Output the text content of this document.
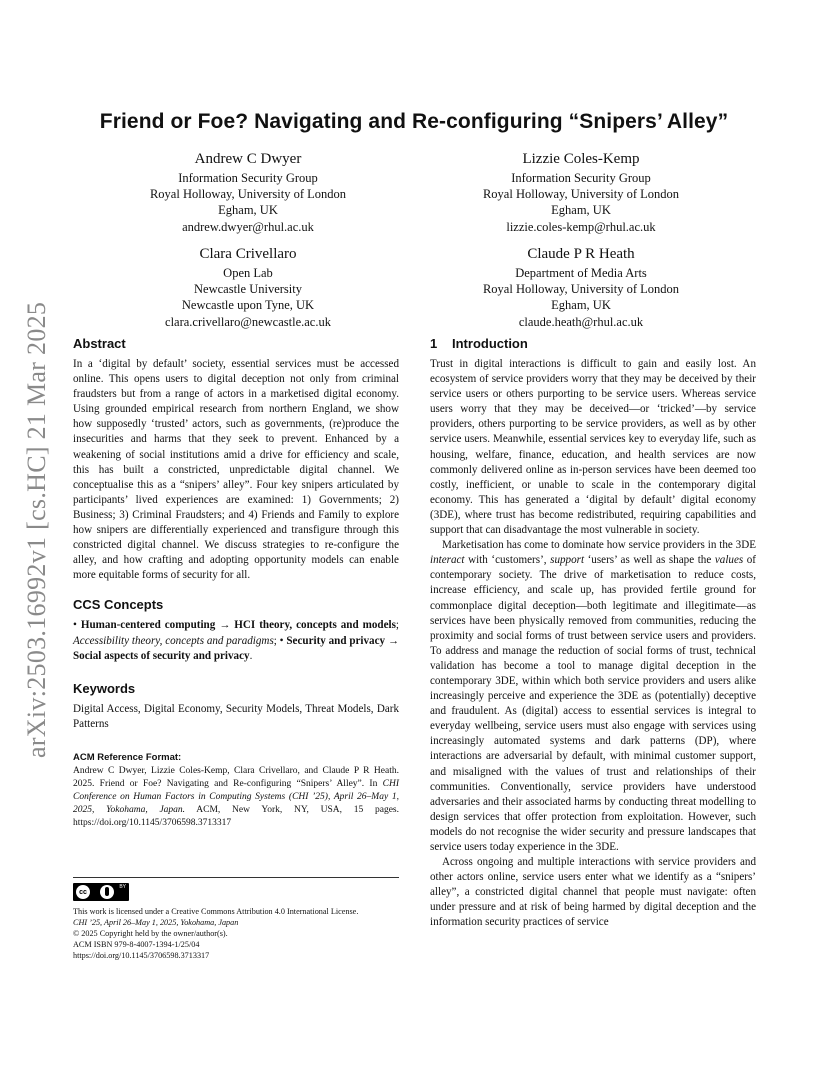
arXiv:2503.16992v1 [cs.HC] 21 Mar 2025
Friend or Foe? Navigating and Re-configuring “Snipers’ Alley”
Andrew C Dwyer
Information Security Group
Royal Holloway, University of London
Egham, UK
andrew.dwyer@rhul.ac.uk
Lizzie Coles-Kemp
Information Security Group
Royal Holloway, University of London
Egham, UK
lizzie.coles-kemp@rhul.ac.uk
Clara Crivellaro
Open Lab
Newcastle University
Newcastle upon Tyne, UK
clara.crivellaro@newcastle.ac.uk
Claude P R Heath
Department of Media Arts
Royal Holloway, University of London
Egham, UK
claude.heath@rhul.ac.uk
Abstract

In a ‘digital by default’ society, essential services must be accessed online. This opens users to digital deception not only from criminal fraudsters but from a range of actors in a marketised digital economy. Using grounded empirical research from northern England, we show how supposedly ‘trusted’ actors, such as governments, (re)produce the insecurities and harms that they seek to prevent. Enhanced by a weakening of social institutions amid a drive for efficiency and scale, this has built a constricted, unpredictable digital channel. We conceptualise this as a “snipers’ alley”. Four key snipers articulated by participants’ lived experiences are examined: 1) Governments; 2) Business; 3) Criminal Fraudsters; and 4) Friends and Family to explore how snipers are differentially experienced and transfigure through this constricted digital channel. We discuss strategies to re-configure the alley, and how crafting and adopting opportunity models can enable more equitable forms of security for all.

CCS Concepts

• Human-centered computing → HCI theory, concepts and models; Accessibility theory, concepts and paradigms; • Security and privacy → Social aspects of security and privacy.

Keywords

Digital Access, Digital Economy, Security Models, Threat Models, Dark Patterns

ACM Reference Format:
Andrew C Dwyer, Lizzie Coles-Kemp, Clara Crivellaro, and Claude P R Heath. 2025. Friend or Foe? Navigating and Re-configuring “Snipers’ Alley”. In CHI Conference on Human Factors in Computing Systems (CHI ’25), April 26–May 1, 2025, Yokohama, Japan. ACM, New York, NY, USA, 15 pages. https://doi.org/10.1145/3706598.3713317
cc
BY
This work is licensed under a Creative Commons Attribution 4.0 International License.
CHI ’25, April 26–May 1, 2025, Yokohama, Japan
© 2025 Copyright held by the owner/author(s).
ACM ISBN 979-8-4007-1394-1/25/04
https://doi.org/10.1145/3706598.3713317
1 Introduction

Trust in digital interactions is difficult to gain and easily lost. An ecosystem of service providers worry that they may be deceived by their service users or others purporting to be service users. Whereas service users worry that they may be deceived—or ‘tricked’—by service providers, others purporting to be service providers, as well as by other service users. Meanwhile, essential services key to everyday life, such as housing, welfare, finance, education, and health services are now commonly delivered online as in-person services have been deemed too costly, inefficient, or unable to scale in the contemporary digital economy. This has generated a ‘digital by default’ digital economy (3DE), where trust has become redistributed, requiring capabilities and support that can disadvantage the most vulnerable in society.

Marketisation has come to dominate how service providers in the 3DE interact with ‘customers’, support ‘users’ as well as shape the values of contemporary society. The drive of marketisation to reduce costs, increase efficiency, and scale up, has provided fertile ground for commonplace digital deception—both legitimate and illegitimate—as services have been physically removed from communities, reducing the proximity and social forms of trust between service users and providers. To address and manage the reduction of social forms of trust, technical validation has become a tool to manage digital deception in the contemporary 3DE, within which both service providers and users alike increasingly perceive and experience the 3DE as (potentially) deceptive and fraudulent. As (digital) access to essential services is integral to everyday wellbeing, service users must also engage with services using increasingly automated systems and dark patterns (DP), where interactions are adversarial by default, with minimal customer support, and misaligned with the values of trust and relationships of their communities. Conventionally, service providers have understood adversaries and their associated harms by conducting threat modelling to design services that offer protection from exploitation. However, such models do not recognise the wider security and pressure landscapes that service users today experience in the 3DE.

Across ongoing and multiple interactions with service providers and other actors online, service users enter what we identify as a “snipers’ alley”, a constricted digital channel that people must navigate: often under pressure and at risk of being harmed by digital deception and the information security practices of service
